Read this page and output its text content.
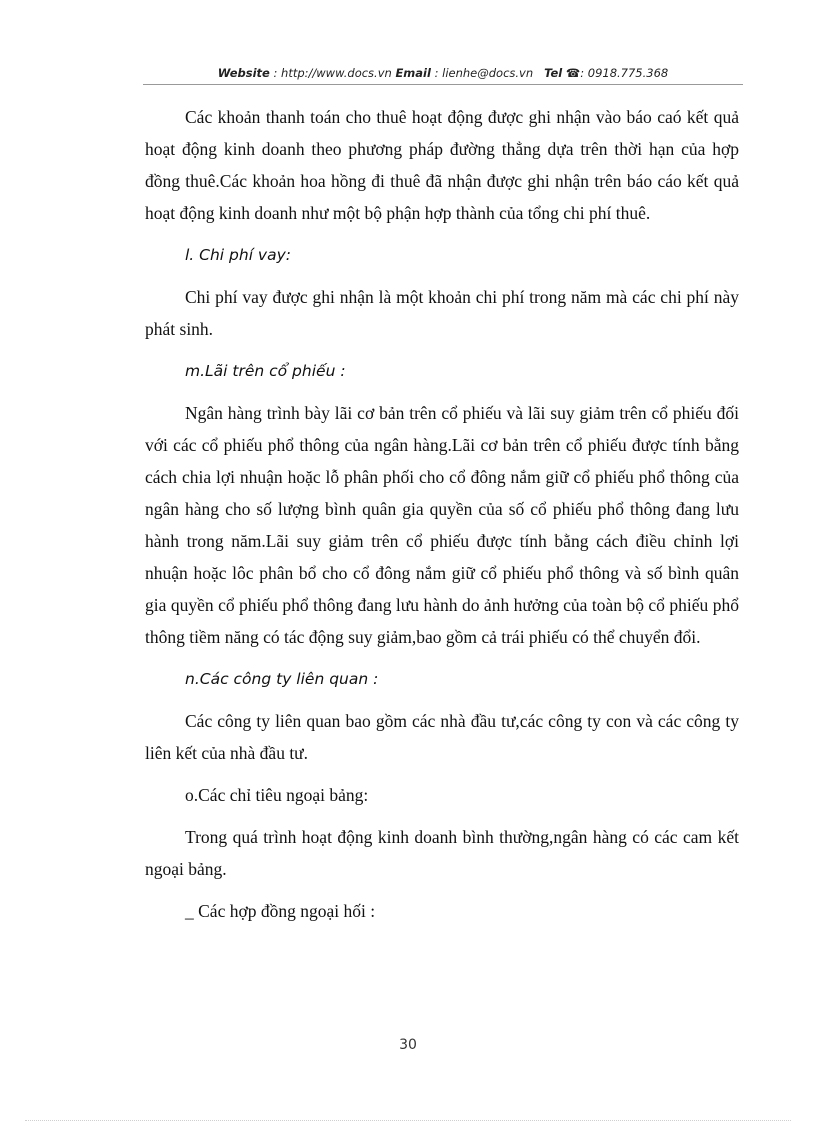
Website : http://www.docs.vn Email : lienhe@docs.vn Tel ☎: 0918.775.368

Các khoản thanh toán cho thuê hoạt động được ghi nhận vào báo caó kết quả hoạt động kinh doanh theo phương pháp đường thẳng dựa trên thời hạn của hợp đồng thuê.Các khoản hoa hồng đi thuê đã nhận được ghi nhận trên báo cáo kết quả hoạt động kinh doanh như một bộ phận hợp thành của tổng chi phí thuê.

l. Chi phí vay:

Chi phí vay được ghi nhận là một khoản chi phí trong năm mà các chi phí này phát sinh.

m.Lãi trên cổ phiếu :

Ngân hàng trình bày lãi cơ bản trên cổ phiếu và lãi suy giảm trên cổ phiếu đối với các cổ phiếu phổ thông của ngân hàng.Lãi cơ bản trên cổ phiếu được tính bằng cách chia lợi nhuận hoặc lỗ phân phối cho cổ đông nắm giữ cổ phiếu phổ thông của ngân hàng cho số lượng bình quân gia quyền của số cổ phiếu phổ thông đang lưu hành trong năm.Lãi suy giảm trên cổ phiếu được tính bằng cách điều chỉnh lợi nhuận hoặc lôc phân bổ cho cổ đông nắm giữ cổ phiếu phổ thông và số bình quân gia quyền cổ phiếu phổ thông đang lưu hành do ảnh hưởng của toàn bộ cổ phiếu phổ thông tiềm năng có tác động suy giảm,bao gồm cả trái phiếu có thể chuyển đổi.

n.Các công ty liên quan :

Các công ty liên quan bao gồm các nhà đầu tư,các công ty con và các công ty liên kết của nhà đầu tư.

o.Các chỉ tiêu ngoại bảng:

Trong quá trình hoạt động kinh doanh bình thường,ngân hàng có các cam kết ngoại bảng.

_ Các hợp đồng ngoại hối :

30
